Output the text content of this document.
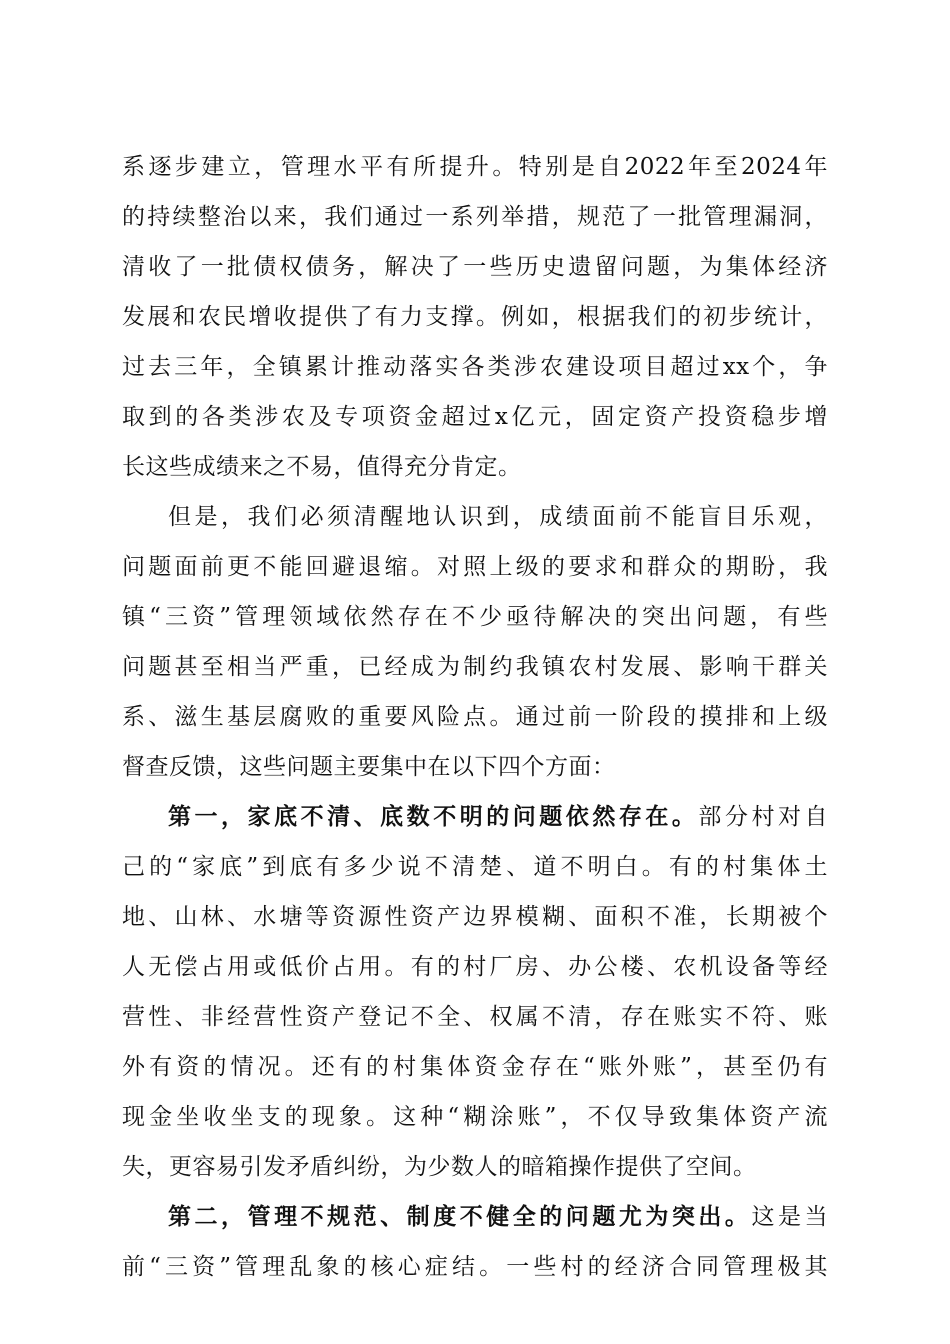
系逐步建立，管理水平有所提升。特别是自2022年至2024年
的持续整治以来，我们通过一系列举措，规范了一批管理漏洞，
清收了一批债权债务，解决了一些历史遗留问题，为集体经济
发展和农民增收提供了有力支撑。例如，根据我们的初步统计，
过去三年，全镇累计推动落实各类涉农建设项目超过xx个，争
取到的各类涉农及专项资金超过x亿元，固定资产投资稳步增
长这些成绩来之不易，值得充分肯定。
但是，我们必须清醒地认识到，成绩面前不能盲目乐观，
问题面前更不能回避退缩。对照上级的要求和群众的期盼，我
镇“三资”管理领域依然存在不少亟待解决的突出问题，有些
问题甚至相当严重，已经成为制约我镇农村发展、影响干群关
系、滋生基层腐败的重要风险点。通过前一阶段的摸排和上级
督查反馈，这些问题主要集中在以下四个方面：
第一，家底不清、底数不明的问题依然存在。部分村对自
己的“家底”到底有多少说不清楚、道不明白。有的村集体土
地、山林、水塘等资源性资产边界模糊、面积不准，长期被个
人无偿占用或低价占用。有的村厂房、办公楼、农机设备等经
营性、非经营性资产登记不全、权属不清，存在账实不符、账
外有资的情况。还有的村集体资金存在“账外账”，甚至仍有
现金坐收坐支的现象。这种“糊涂账”，不仅导致集体资产流
失，更容易引发矛盾纠纷，为少数人的暗箱操作提供了空间。
第二，管理不规范、制度不健全的问题尤为突出。这是当
前“三资”管理乱象的核心症结。一些村的经济合同管理极其
